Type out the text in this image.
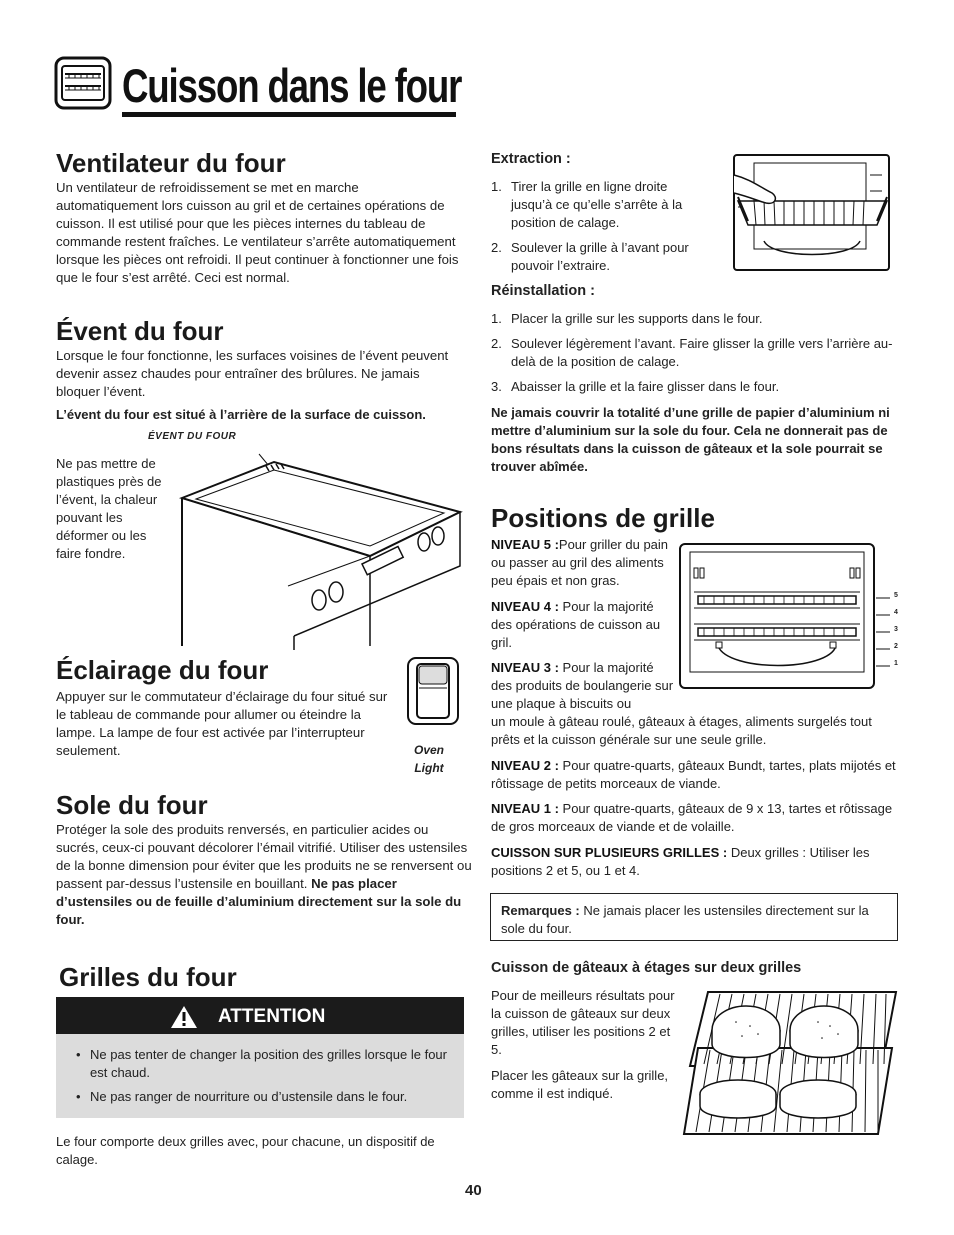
Cuisson dans le four
Ventilateur du four

Un ventilateur de refroidissement se met en marche automatiquement lors cuisson au gril et de certaines opérations de cuisson. Il est utilisé pour que les pièces internes du tableau de commande restent fraîches. Le ventilateur s’arrête automatiquement lorsque les pièces ont refroidi. Il peut continuer à fonctionner une fois que le four s’est arrêté. Ceci est normal.

Évent du four

Lorsque le four fonctionne, les surfaces voisines de l’évent peuvent devenir assez chaudes pour entraîner des brûlures. Ne jamais bloquer l’évent.

L’évent du four est situé à l’arrière de la surface de cuisson.

ÉVENT DU FOUR

Ne pas mettre de plastiques près de l’évent, la chaleur pouvant les déformer ou les faire fondre.

Éclairage du four

Appuyer sur le commutateur d’éclairage du four situé sur le tableau de commande pour allumer ou éteindre la lampe. La lampe de four est activée par l’interrupteur seulement.	Oven
Light
Sole du four

Protéger la sole des produits renversés, en particulier acides ou sucrés, ceux-ci pouvant décolorer l’émail vitrifié. Utiliser des ustensiles de la bonne dimension pour éviter que les produits ne se renversent ou passent par-dessus l’ustensile en bouillant. Ne pas placer d’ustensiles ou de feuille d’aluminium directement sur la sole du four.

Grilles du four
ATTENTION
• Ne pas tenter de changer la position des grilles lorsque le four est chaud.
• Ne pas ranger de nourriture ou d’ustensile dans le four.

Le four comporte deux grilles avec, pour chacune, un dispositif de calage.

Extraction :
1. Tirer la grille en ligne droite jusqu’à ce qu’elle s’arrête à la position de calage.
2. Soulever la grille à l’avant pour pouvoir l’extraire.
Réinstallation :
1. Placer la grille sur les supports dans le four.
2. Soulever légèrement l’avant. Faire glisser la grille vers l’arrière au-delà de la position de calage.
3. Abaisser la grille et la faire glisser dans le four.

Ne jamais couvrir la totalité d’une grille de papier d’aluminium ni mettre d’aluminium sur la sole du four. Cela ne donnerait pas de bons résultats dans la cuisson de gâteaux et la sole pourrait se trouver abîmée.

Positions de grille

NIVEAU 5 :Pour griller du pain ou passer au gril des aliments peu épais et non gras.

NIVEAU 4 : Pour la majorité des opérations de cuisson au gril.

NIVEAU 3 : Pour la majorité des produits de boulangerie sur une plaque à biscuits ou

un moule à gâteau roulé, gâteaux à étages, aliments surgelés tout prêts et la cuisson générale sur une seule grille.

NIVEAU 2 : Pour quatre-quarts, gâteaux Bundt, tartes, plats mijotés et rôtissage de petits morceaux de viande.

NIVEAU 1 : Pour quatre-quarts, gâteaux de 9 x 13, tartes et rôtissage de gros morceaux de viande et de volaille.

CUISSON SUR PLUSIEURS GRILLES : Deux grilles : Utiliser les positions 2 et 5, ou 1 et 4.

5
4
3
2
1

Remarques : Ne jamais placer les ustensiles directement sur la sole du four.

Cuisson de gâteaux à étages sur deux grilles

Pour de meilleurs résultats pour la cuisson de gâteaux sur deux grilles, utiliser les positions 2 et 5.

Placer les gâteaux sur la grille, comme il est indiqué.

40
